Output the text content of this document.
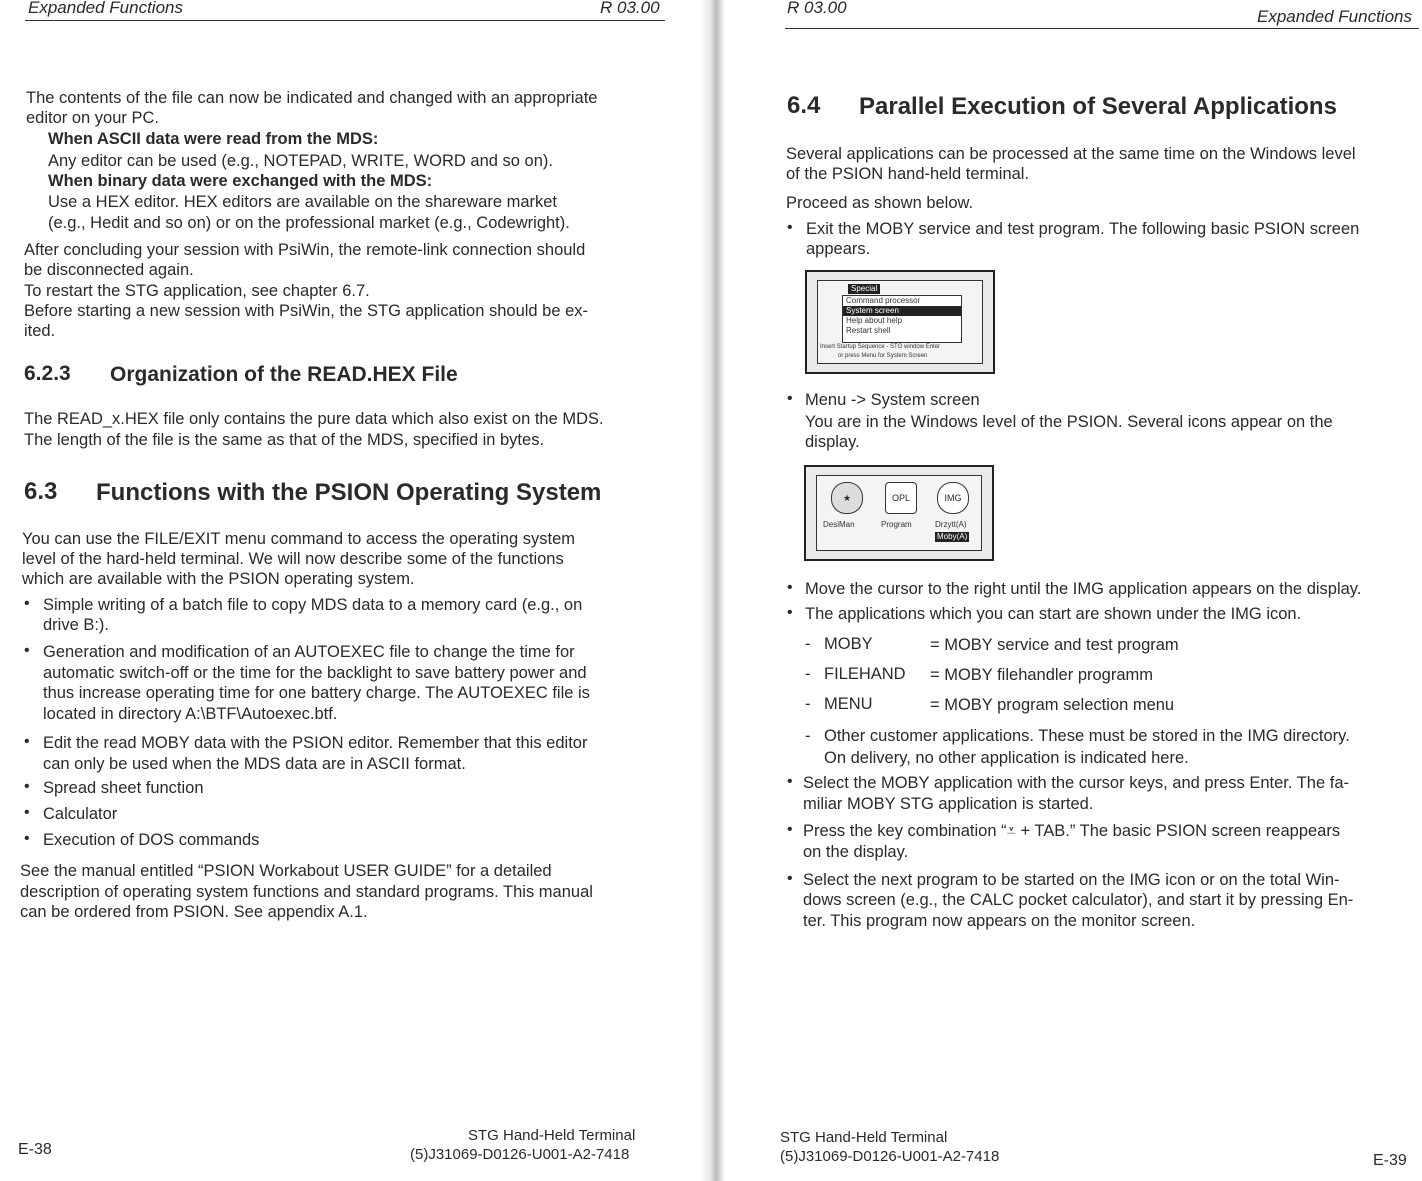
Expanded Functions	R 03.00
The contents of the file can now be indicated and changed with an appropriate
editor on your PC.
When ASCII data were read from the MDS:
Any editor can be used (e.g., NOTEPAD, WRITE, WORD and so on).
When binary data were exchanged with the MDS:
Use a HEX editor. HEX editors are available on the shareware market
(e.g., Hedit and so on) or on the professional market (e.g., Codewright).
After concluding your session with PsiWin, the remote-link connection should
be disconnected again.
To restart the STG application, see chapter 6.7.
Before starting a new session with PsiWin, the STG application should be ex-
ited.
6.2.3 Organization of the READ.HEX File
The READ_x.HEX file only contains the pure data which also exist on the MDS.
The length of the file is the same as that of the MDS, specified in bytes.
6.3 Functions with the PSION Operating System
You can use the FILE/EXIT menu command to access the operating system
level of the hard-held terminal. We will now describe some of the functions
which are available with the PSION operating system.
• Simple writing of a batch file to copy MDS data to a memory card (e.g., on
drive B:).
• Generation and modification of an AUTOEXEC file to change the time for
automatic switch-off or the time for the backlight to save battery power and
thus increase operating time for one battery charge. The AUTOEXEC file is
located in directory A:\BTF\Autoexec.btf.
• Edit the read MOBY data with the PSION editor. Remember that this editor
can only be used when the MDS data are in ASCII format.
• Spread sheet function
• Calculator
• Execution of DOS commands
See the manual entitled “PSION Workabout USER GUIDE” for a detailed
description of operating system functions and standard programs. This manual
can be ordered from PSION. See appendix A.1.
E-38
STG Hand-Held Terminal
(5)J31069-D0126-U001-A2-7418
R 03.00	Expanded Functions
6.4 Parallel Execution of Several Applications
Several applications can be processed at the same time on the Windows level
of the PSION hand-held terminal.
Proceed as shown below.
• Exit the MOBY service and test program. The following basic PSION screen
appears.
Special
Command processor
System screen
Help about help
Restart shell
Insert Startup Sequence - STG window Enter
or press Menu for System Screen
• Menu -> System screen
You are in the Windows level of the PSION. Several icons appear on the
display.
★	OPL	IMG
DesiMan	Program	Drzytt(A)
Moby(A)
• Move the cursor to the right until the IMG application appears on the display.
• The applications which you can start are shown under the IMG icon.
- MOBY	= MOBY service and test program
- FILEHAND = MOBY filehandler programm
- MENU	= MOBY program selection menu
- Other customer applications. These must be stored in the IMG directory.
On delivery, no other application is indicated here.
• Select the MOBY application with the cursor keys, and press Enter. The fa-
miliar MOBY STG application is started.
• Press the key combination “⩡ + TAB.” The basic PSION screen reappears
on the display.
• Select the next program to be started on the IMG icon or on the total Win-
dows screen (e.g., the CALC pocket calculator), and start it by pressing En-
ter. This program now appears on the monitor screen.
STG Hand-Held Terminal
(5)J31069-D0126-U001-A2-7418	E-39
